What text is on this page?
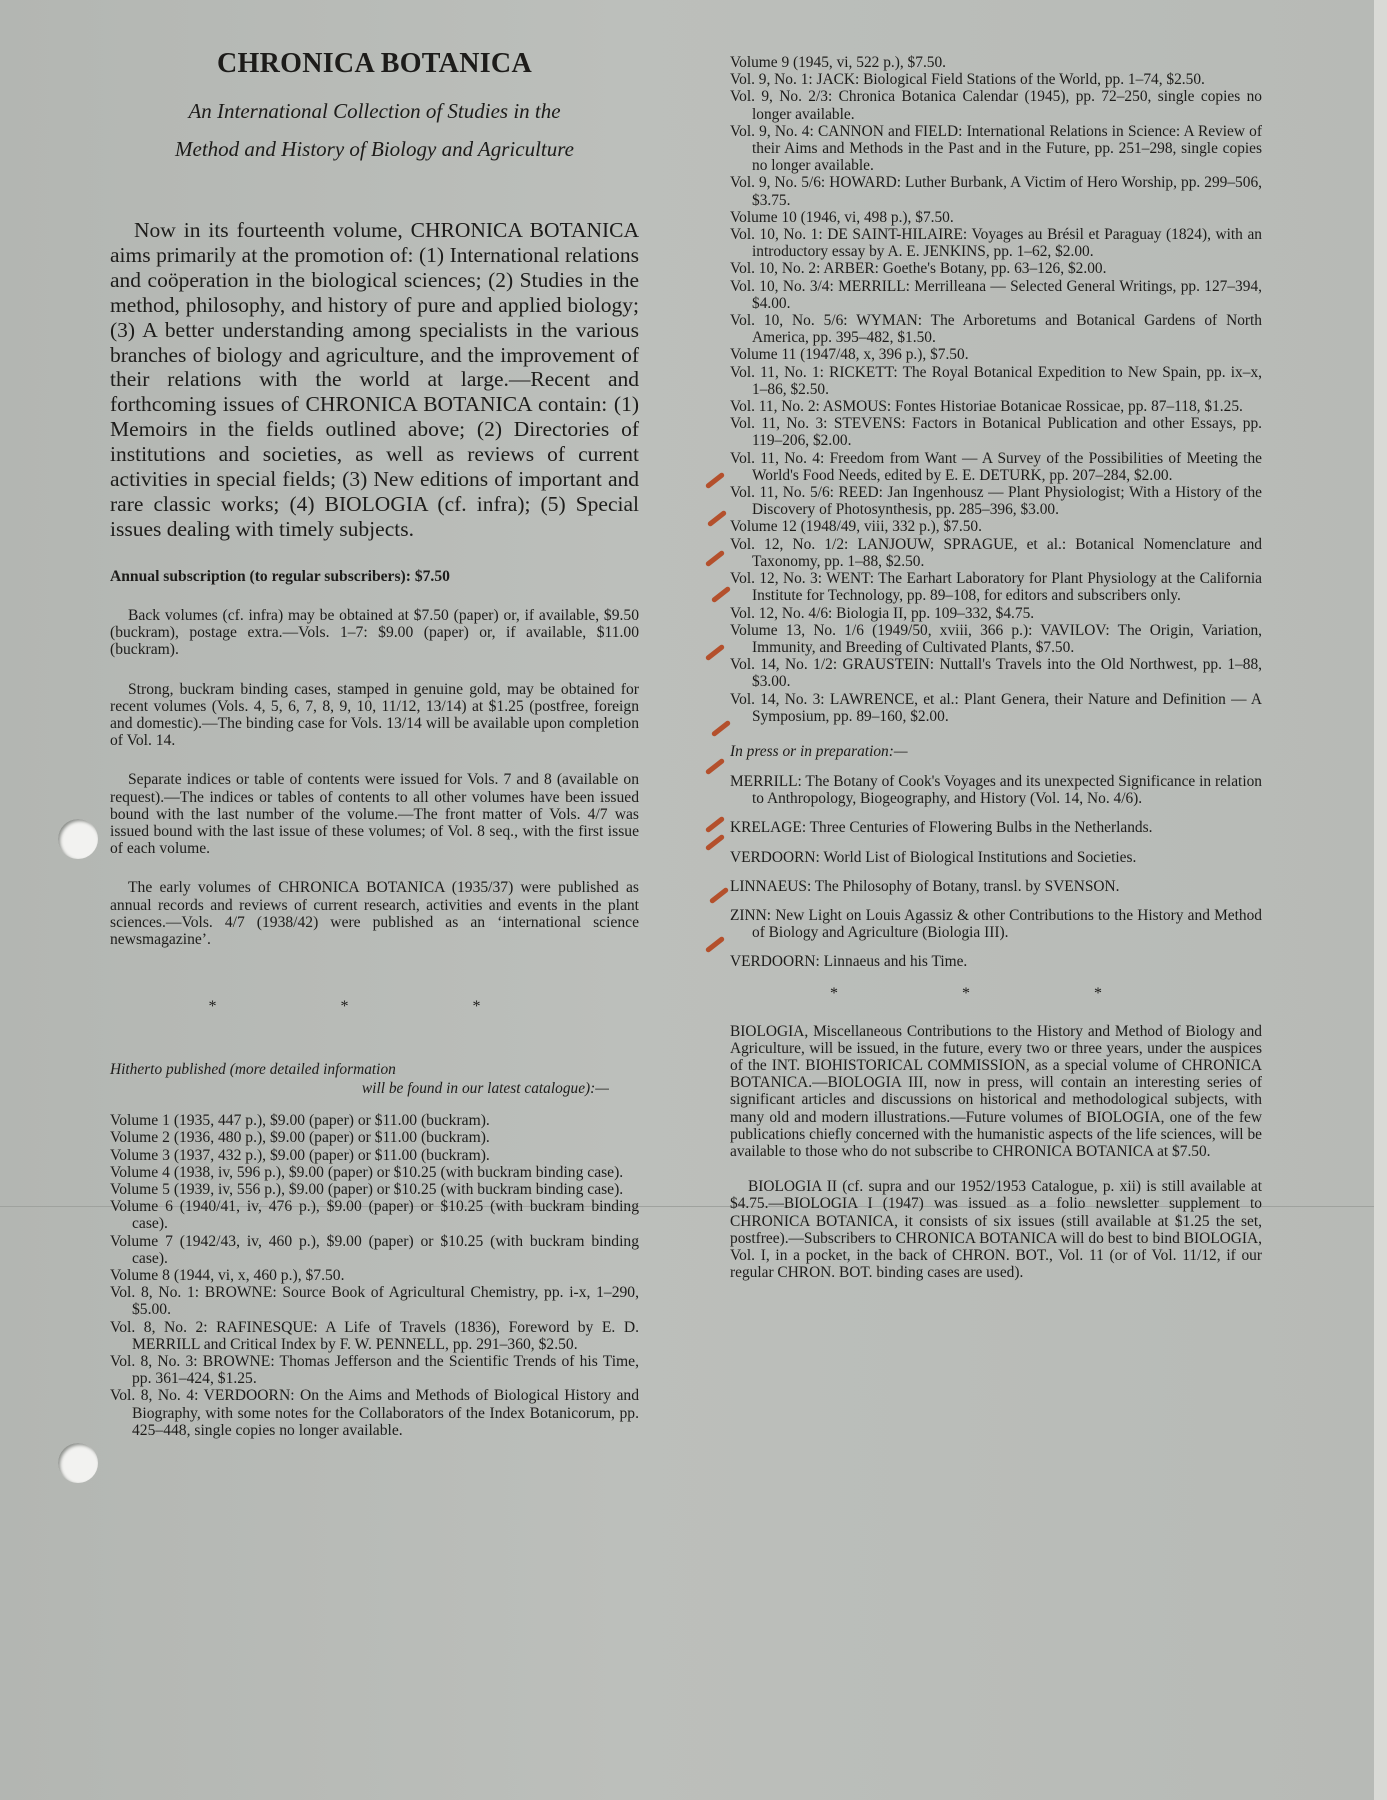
CHRONICA BOTANICA

An International Collection of Studies in the
Method and History of Biology and Agriculture

Now in its fourteenth volume, CHRONICA BOTANICA aims primarily at the promotion of: (1) International relations and coöperation in the biological sciences; (2) Studies in the method, philosophy, and history of pure and applied biology; (3) A better understanding among specialists in the various branches of biology and agriculture, and the improvement of their relations with the world at large.—Recent and forthcoming issues of CHRONICA BOTANICA contain: (1) Memoirs in the fields outlined above; (2) Directories of institutions and societies, as well as reviews of current activities in special fields; (3) New editions of important and rare classic works; (4) BIOLOGIA (cf. infra); (5) Special issues dealing with timely subjects.

Annual subscription (to regular subscribers): $7.50

Back volumes (cf. infra) may be obtained at $7.50 (paper) or, if available, $9.50 (buckram), postage extra.—Vols. 1–7: $9.00 (paper) or, if available, $11.00 (buckram).

Strong, buckram binding cases, stamped in genuine gold, may be obtained for recent volumes (Vols. 4, 5, 6, 7, 8, 9, 10, 11/12, 13/14) at $1.25 (postfree, foreign and domestic).—The binding case for Vols. 13/14 will be available upon completion of Vol. 14.

Separate indices or table of contents were issued for Vols. 7 and 8 (available on request).—The indices or tables of contents to all other volumes have been issued bound with the last number of the volume.—The front matter of Vols. 4/7 was issued bound with the last issue of these volumes; of Vol. 8 seq., with the first issue of each volume.

The early volumes of CHRONICA BOTANICA (1935/37) were published as annual records and reviews of current research, activities and events in the plant sciences.—Vols. 4/7 (1938/42) were published as an ‘international science newsmagazine’.

* * *

Hitherto published (more detailed information
will be found in our latest catalogue):—

Volume 1 (1935, 447 p.), $9.00 (paper) or $11.00 (buckram).

Volume 2 (1936, 480 p.), $9.00 (paper) or $11.00 (buckram).

Volume 3 (1937, 432 p.), $9.00 (paper) or $11.00 (buckram).

Volume 4 (1938, iv, 596 p.), $9.00 (paper) or $10.25 (with buckram binding case).

Volume 5 (1939, iv, 556 p.), $9.00 (paper) or $10.25 (with buckram binding case).

Volume 6 (1940/41, iv, 476 p.), $9.00 (paper) or $10.25 (with buckram binding case).

Volume 7 (1942/43, iv, 460 p.), $9.00 (paper) or $10.25 (with buckram binding case).

Volume 8 (1944, vi, x, 460 p.), $7.50.

Vol. 8, No. 1: BROWNE: Source Book of Agricultural Chemistry, pp. i-x, 1–290, $5.00.

Vol. 8, No. 2: RAFINESQUE: A Life of Travels (1836), Foreword by E. D. MERRILL and Critical Index by F. W. PENNELL, pp. 291–360, $2.50.

Vol. 8, No. 3: BROWNE: Thomas Jefferson and the Scientific Trends of his Time, pp. 361–424, $1.25.

Vol. 8, No. 4: VERDOORN: On the Aims and Methods of Biological History and Biography, with some notes for the Collaborators of the Index Botanicorum, pp. 425–448, single copies no longer available.

Volume 9 (1945, vi, 522 p.), $7.50.

Vol. 9, No. 1: JACK: Biological Field Stations of the World, pp. 1–74, $2.50.

Vol. 9, No. 2/3: Chronica Botanica Calendar (1945), pp. 72–250, single copies no longer available.

Vol. 9, No. 4: CANNON and FIELD: International Relations in Science: A Review of their Aims and Methods in the Past and in the Future, pp. 251–298, single copies no longer available.

Vol. 9, No. 5/6: HOWARD: Luther Burbank, A Victim of Hero Worship, pp. 299–506, $3.75.

Volume 10 (1946, vi, 498 p.), $7.50.

Vol. 10, No. 1: DE SAINT-HILAIRE: Voyages au Brésil et Paraguay (1824), with an introductory essay by A. E. JENKINS, pp. 1–62, $2.00.

Vol. 10, No. 2: ARBER: Goethe's Botany, pp. 63–126, $2.00.

Vol. 10, No. 3/4: MERRILL: Merrilleana — Selected General Writings, pp. 127–394, $4.00.

Vol. 10, No. 5/6: WYMAN: The Arboretums and Botanical Gardens of North America, pp. 395–482, $1.50.

Volume 11 (1947/48, x, 396 p.), $7.50.

Vol. 11, No. 1: RICKETT: The Royal Botanical Expedition to New Spain, pp. ix–x, 1–86, $2.50.

Vol. 11, No. 2: ASMOUS: Fontes Historiae Botanicae Rossicae, pp. 87–118, $1.25.

Vol. 11, No. 3: STEVENS: Factors in Botanical Publication and other Essays, pp. 119–206, $2.00.

Vol. 11, No. 4: Freedom from Want — A Survey of the Possibilities of Meeting the World's Food Needs, edited by E. E. DETURK, pp. 207–284, $2.00.

Vol. 11, No. 5/6: REED: Jan Ingenhousz — Plant Physiologist; With a History of the Discovery of Photosynthesis, pp. 285–396, $3.00.

Volume 12 (1948/49, viii, 332 p.), $7.50.

Vol. 12, No. 1/2: LANJOUW, SPRAGUE, et al.: Botanical Nomenclature and Taxonomy, pp. 1–88, $2.50.

Vol. 12, No. 3: WENT: The Earhart Laboratory for Plant Physiology at the California Institute for Technology, pp. 89–108, for editors and subscribers only.

Vol. 12, No. 4/6: Biologia II, pp. 109–332, $4.75.

Volume 13, No. 1/6 (1949/50, xviii, 366 p.): VAVILOV: The Origin, Variation, Immunity, and Breeding of Cultivated Plants, $7.50.

Vol. 14, No. 1/2: GRAUSTEIN: Nuttall's Travels into the Old Northwest, pp. 1–88, $3.00.

Vol. 14, No. 3: LAWRENCE, et al.: Plant Genera, their Nature and Definition — A Symposium, pp. 89–160, $2.00.

In press or in preparation:—

MERRILL: The Botany of Cook's Voyages and its unexpected Significance in relation to Anthropology, Biogeography, and History (Vol. 14, No. 4/6).

KRELAGE: Three Centuries of Flowering Bulbs in the Netherlands.

VERDOORN: World List of Biological Institutions and Societies.

LINNAEUS: The Philosophy of Botany, transl. by SVENSON.

ZINN: New Light on Louis Agassiz & other Contributions to the History and Method of Biology and Agriculture (Biologia III).

VERDOORN: Linnaeus and his Time.

* * *

BIOLOGIA, Miscellaneous Contributions to the History and Method of Biology and Agriculture, will be issued, in the future, every two or three years, under the auspices of the INT. BIOHISTORICAL COMMISSION, as a special volume of CHRONICA BOTANICA.—BIOLOGIA III, now in press, will contain an interesting series of significant articles and discussions on historical and methodological subjects, with many old and modern illustrations.—Future volumes of BIOLOGIA, one of the few publications chiefly concerned with the humanistic aspects of the life sciences, will be available to those who do not subscribe to CHRONICA BOTANICA at $7.50.

BIOLOGIA II (cf. supra and our 1952/1953 Catalogue, p. xii) is still available at $4.75.—BIOLOGIA I (1947) was issued as a folio newsletter supplement to CHRONICA BOTANICA, it consists of six issues (still available at $1.25 the set, postfree).—Subscribers to CHRONICA BOTANICA will do best to bind BIOLOGIA, Vol. I, in a pocket, in the back of CHRON. BOT., Vol. 11 (or of Vol. 11/12, if our regular CHRON. BOT. binding cases are used).
